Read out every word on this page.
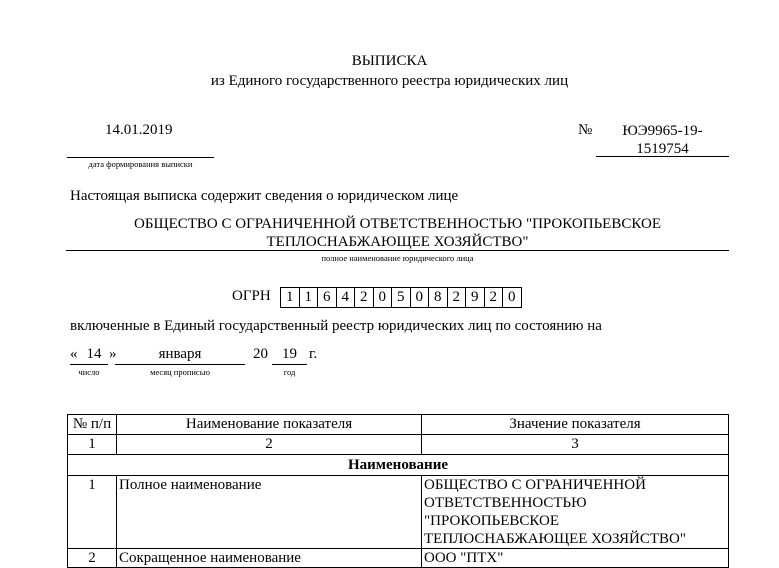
ВЫПИСКА
из Единого государственного реестра юридических лиц
14.01.2019
дата формирования выписки
№	ЮЭ9965-19-
1519754
Настоящая выписка содержит сведения о юридическом лице
ОБЩЕСТВО С ОГРАНИЧЕННОЙ ОТВЕТСТВЕННОСТЬЮ "ПРОКОПЬЕВСКОЕ
ТЕПЛОСНАБЖАЮЩЕЕ ХОЗЯЙСТВО"
полное наименование юридического лица
ОГРН	1 1 6 4 2 0 5 0 8 2 9 2 0
включенные в Единый государственный реестр юридических лиц по состоянию на
« 14
число
»	января
месяц прописью
20 19
год
г.
№ п/п	Наименование показателя	Значение показателя
1	2	3
Наименование		
1	Полное наименование	ОБЩЕСТВО С ОГРАНИЧЕННОЙ
ОТВЕТСТВЕННОСТЬЮ
"ПРОКОПЬЕВСКОЕ
ТЕПЛОСНАБЖАЮЩЕЕ ХОЗЯЙСТВО"

2	Сокращенное наименование	ООО "ПТХ"
